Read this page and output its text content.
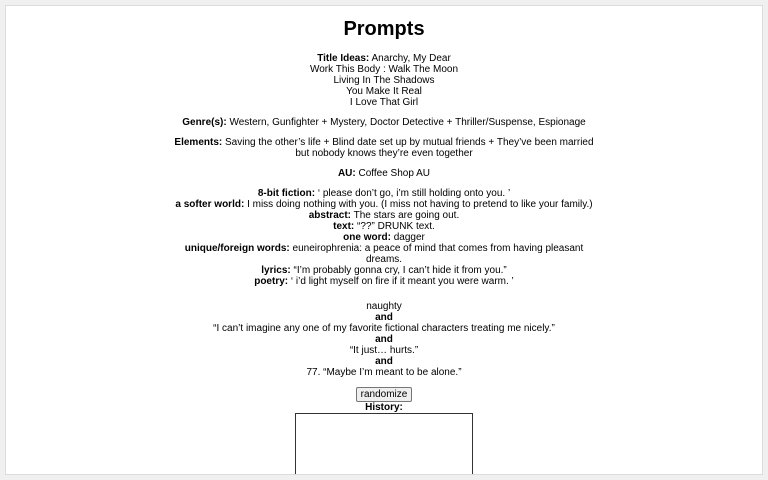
Prompts
Title Ideas: Anarchy, My Dear
Work This Body : Walk The Moon
Living In The Shadows
You Make It Real
I Love That Girl
Genre(s): Western, Gunfighter + Mystery, Doctor Detective + Thriller/Suspense, Espionage
Elements: Saving the other’s life + Blind date set up by mutual friends + They’ve been married but nobody knows they’re even together
AU: Coffee Shop AU
8-bit fiction: ‘ please don’t go, i’m still holding onto you. ’
a softer world: I miss doing nothing with you. (I miss not having to pretend to like your family.)
abstract: The stars are going out.
text: “??” DRUNK text.
one word: dagger
unique/foreign words: euneirophrenia: a peace of mind that comes from having pleasant dreams.
lyrics: “I’m probably gonna cry, I can’t hide it from you.”
poetry: ‘ i’d light myself on fire if it meant you were warm. ’
naughty
and
“I can’t imagine any one of my favorite fictional characters treating me nicely.”
and
“It just… hurts.”
and
77. “Maybe I’m meant to be alone.”
randomize
History:
